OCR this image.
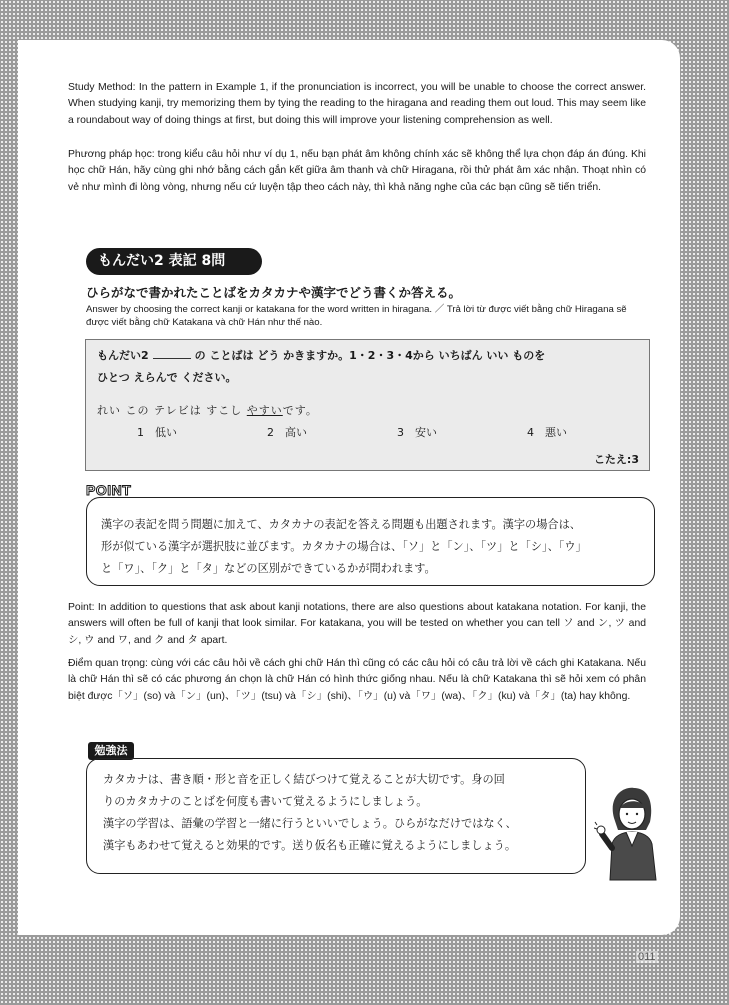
Study Method: In the pattern in Example 1, if the pronunciation is incorrect, you will be unable to choose the correct answer. When studying kanji, try memorizing them by tying the reading to the hiragana and reading them out loud. This may seem like a roundabout way of doing things at first, but doing this will improve your listening comprehension as well.

Phương pháp học: trong kiểu câu hỏi như ví dụ 1, nếu bạn phát âm không chính xác sẽ không thể lựa chọn đáp án đúng. Khi học chữ Hán, hãy cùng ghi nhớ bằng cách gắn kết giữa âm thanh và chữ Hiragana, rồi thử phát âm xác nhận. Thoạt nhìn có vẻ như mình đi lòng vòng, nhưng nếu cứ luyện tập theo cách này, thì khả năng nghe của các bạn cũng sẽ tiến triển.

もんだい2 表記 8問
ひょうき	もん

ひらがなで書かれたことばをカタカナや漢字でどう書くか答える。

Answer by choosing the correct kanji or katakana for the word written in hiragana. ／ Trả lời từ được viết bằng chữ Hiragana sẽ được viết bằng chữ Katakana và chữ Hán như thế nào.

もんだい2	の ことばは どう かきますか。1・2・3・4から いちばん いい ものを

ひとつ えらんで ください。

れい この テレビは すこし やすいです。

1　低い	2　高い	3　安い	4　悪い

こたえ:3

POINT

漢字の表記を問う問題に加えて、カタカナの表記を答える問題も出題されます。漢字の場合は、

形が似ている漢字が選択肢に並びます。カタカナの場合は、「ソ」と「ン」、「ツ」と「シ」、「ウ」

と「ワ」、「ク」と「タ」などの区別ができているかが問われます。

Point: In addition to questions that ask about kanji notations, there are also questions about katakana notation. For kanji, the answers will often be full of kanji that look similar. For katakana, you will be tested on whether you can tell ソ and ン, ツ and シ, ウ and ワ, and ク and タ apart.

Điểm quan trọng: cùng với các câu hỏi về cách ghi chữ Hán thì cũng có các câu hỏi có câu trả lời về cách ghi Katakana. Nếu là chữ Hán thì sẽ có các phương án chọn là chữ Hán có hình thức giống nhau. Nếu là chữ Katakana thì sẽ hỏi xem có phân biệt được「ソ」(so) và「ン」(un)、「ツ」(tsu) và「シ」(shi)、「ウ」(u) và「ワ」(wa)、「ク」(ku) và「タ」(ta) hay không.

勉強法

カタカナは、書き順・形と音を正しく結びつけて覚えることが大切です。身の回

りのカタカナのことばを何度も書いて覚えるようにしましょう。

漢字の学習は、語彙の学習と一緒に行うといいでしょう。ひらがなだけではなく、

漢字もあわせて覚えると効果的です。送り仮名も正確に覚えるようにしましょう。

011
